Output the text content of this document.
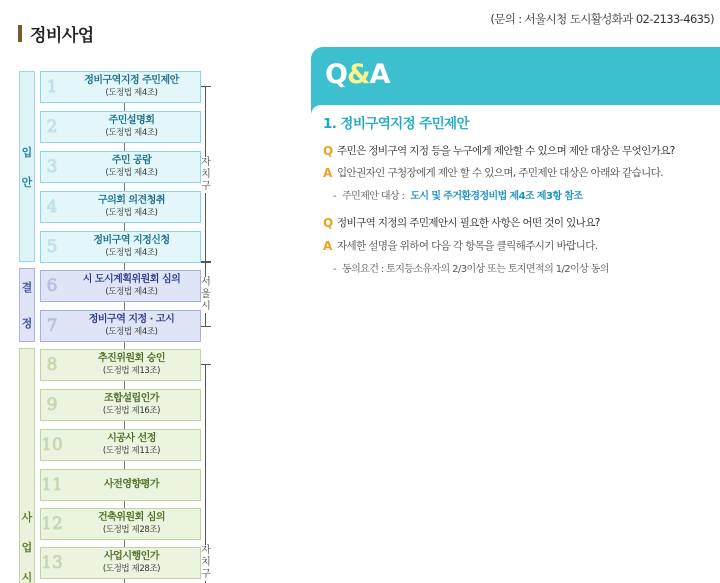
(문의 : 서울시청 도시활성화과 02-2133-4635)
정비사업
입
안
결
정
사
업
시
1	정비구역지정 주민제안
(도정법 제4조)
2	주민설명회
(도정법 제4조)
3	주민 공람
(도정법 제4조)
4	구의회 의견청취
(도정법 제4조)
5	정비구역 지정신청
(도정법 제4조)
6	시 도시계획위원회 심의
(도정법 제4조)
7	정비구역 지정 · 고시
(도정법 제4조)
8	추진위원회 승인
(도정법 제13조)
9	조합설립인가
(도정법 제16조)
10	시공사 선정
(도정법 제11조)
11	사전영향평가
12	건축위원회 심의
(도정법 제28조)
13	사업시행인가
(도정법 제28조)
자치구
서울시
자치구
Q&A
1. 정비구역지정 주민제안
Q 주민은 정비구역 지정 등을 누구에게 제안할 수 있으며 제안 대상은 무엇인가요?
A 입안권자인 구청장에게 제안 할 수 있으며, 주민제안 대상은 아래와 같습니다.
- 주민제안 대상 : 도시 및 주거환경정비법 제4조 제3항 참조
Q 정비구역 지정의 주민제안시 필요한 사항은 어떤 것이 있나요?
A 자세한 설명을 위하여 다음 각 항목을 클릭해주시기 바랍니다.
- 동의요건 : 토지등소유자의 2/3이상 또는 토지면적의 1/2이상 동의
